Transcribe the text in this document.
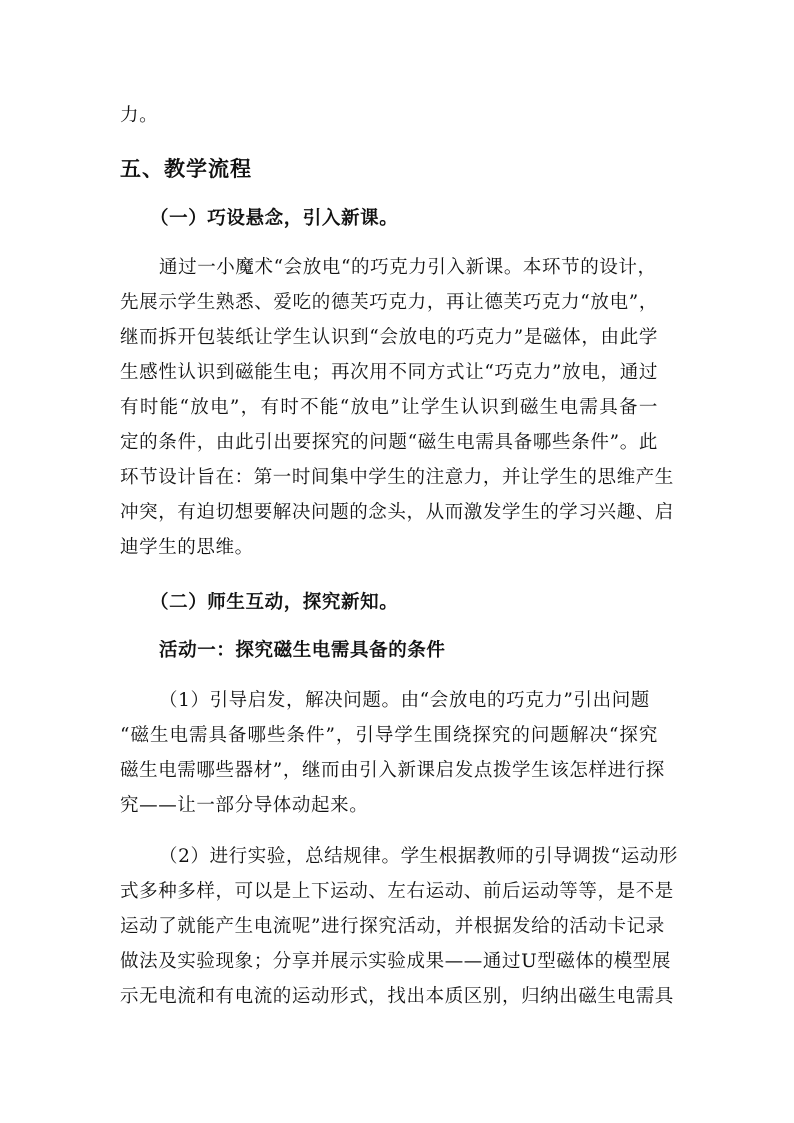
力。
五、教学流程
（一）巧设悬念，引入新课。
通过一小魔术“会放电“的巧克力引入新课。本环节的设计，
先展示学生熟悉、爱吃的德芙巧克力，再让德芙巧克力“放电”，
继而拆开包装纸让学生认识到“会放电的巧克力”是磁体，由此学
生感性认识到磁能生电；再次用不同方式让“巧克力”放电，通过
有时能“放电”，有时不能“放电”让学生认识到磁生电需具备一
定的条件，由此引出要探究的问题“磁生电需具备哪些条件”。此
环节设计旨在：第一时间集中学生的注意力，并让学生的思维产生
冲突，有迫切想要解决问题的念头，从而激发学生的学习兴趣、启
迪学生的思维。
（二）师生互动，探究新知。
活动一：探究磁生电需具备的条件
（1）引导启发，解决问题。由“会放电的巧克力”引出问题
“磁生电需具备哪些条件”，引导学生围绕探究的问题解决“探究
磁生电需哪些器材”，继而由引入新课启发点拨学生该怎样进行探
究——让一部分导体动起来。
（2）进行实验，总结规律。学生根据教师的引导调拨“运动形
式多种多样，可以是上下运动、左右运动、前后运动等等，是不是
运动了就能产生电流呢”进行探究活动，并根据发给的活动卡记录
做法及实验现象；分享并展示实验成果——通过U型磁体的模型展
示无电流和有电流的运动形式，找出本质区别，归纳出磁生电需具
